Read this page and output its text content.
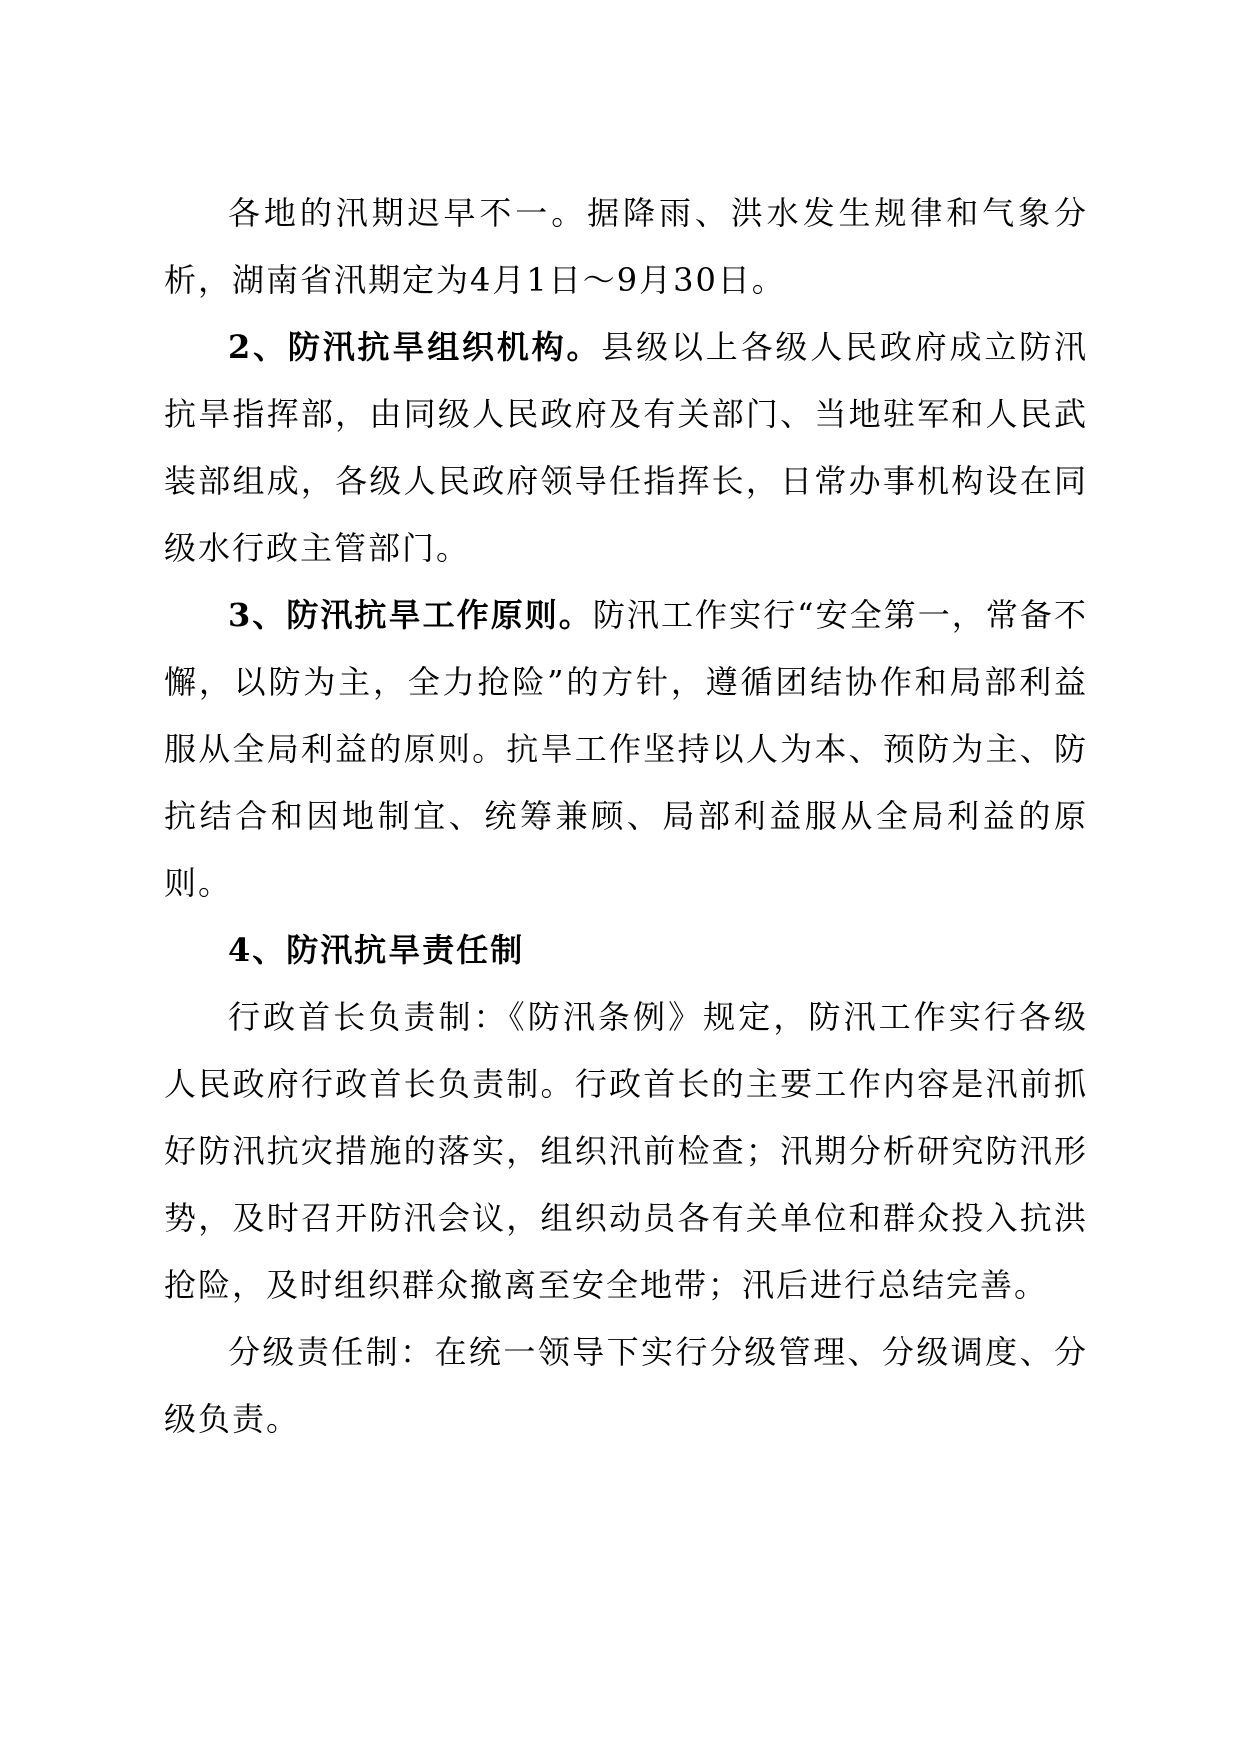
各地的汛期迟早不一。据降雨、洪水发生规律和气象分析，湖南省汛期定为4月1日～9月30日。

2、防汛抗旱组织机构。县级以上各级人民政府成立防汛抗旱指挥部，由同级人民政府及有关部门、当地驻军和人民武装部组成，各级人民政府领导任指挥长，日常办事机构设在同级水行政主管部门。

3、防汛抗旱工作原则。防汛工作实行“安全第一，常备不懈，以防为主，全力抢险”的方针，遵循团结协作和局部利益服从全局利益的原则。抗旱工作坚持以人为本、预防为主、防抗结合和因地制宜、统筹兼顾、局部利益服从全局利益的原则。

4、防汛抗旱责任制

行政首长负责制：《防汛条例》规定，防汛工作实行各级人民政府行政首长负责制。行政首长的主要工作内容是汛前抓好防汛抗灾措施的落实，组织汛前检查；汛期分析研究防汛形势，及时召开防汛会议，组织动员各有关单位和群众投入抗洪抢险，及时组织群众撤离至安全地带；汛后进行总结完善。

分级责任制：在统一领导下实行分级管理、分级调度、分级负责。
